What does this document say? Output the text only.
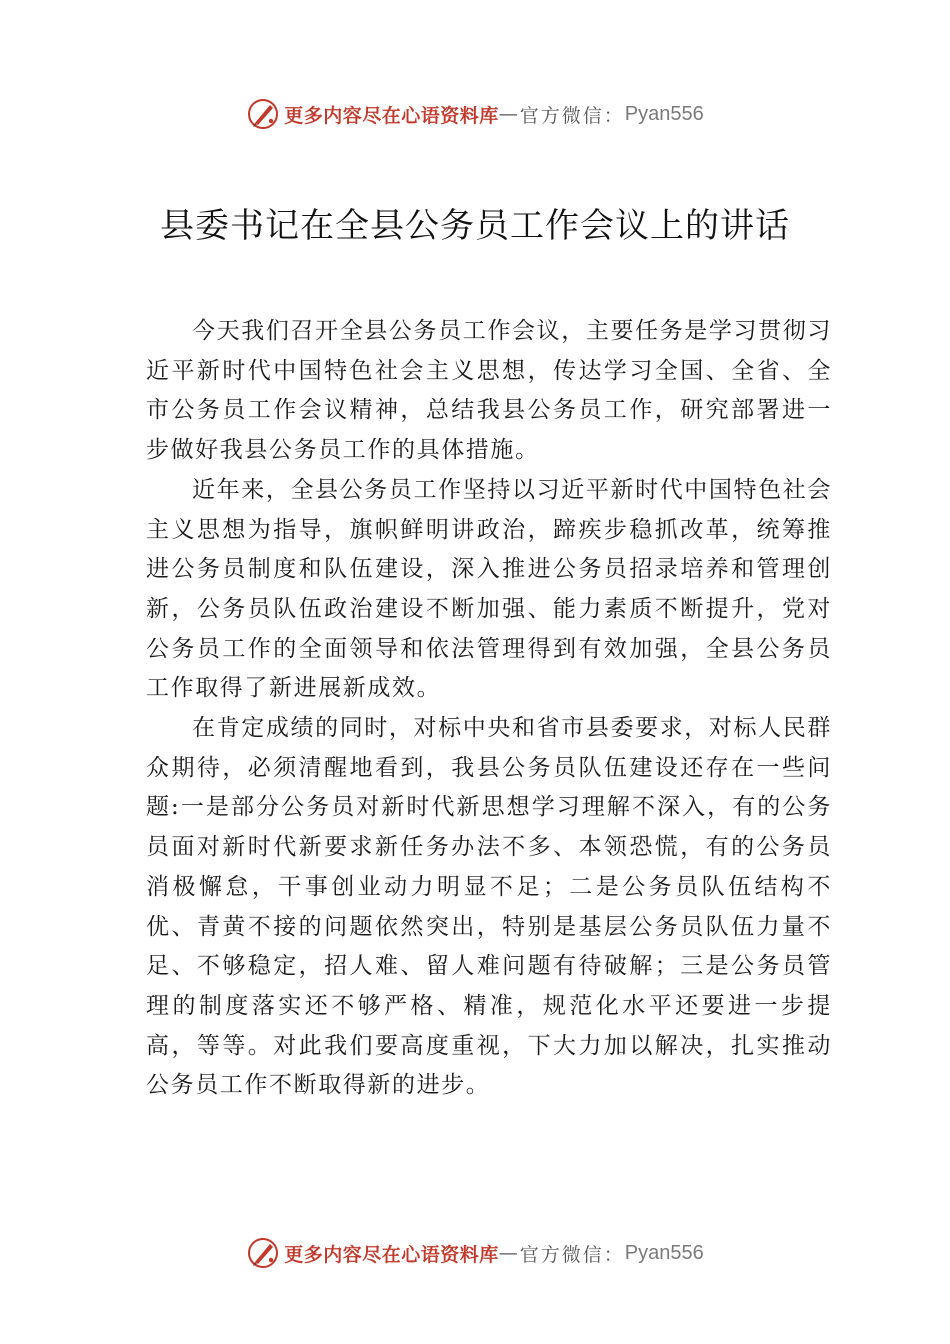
更多内容尽在心语资料库 — 官方微信： Pyan556
县委书记在全县公务员工作会议上的讲话

今天我们召开全县公务员工作会议，主要任务是学习贯彻习近平新时代中国特色社会主义思想，传达学习全国、全省、全市公务员工作会议精神，总结我县公务员工作，研究部署进一步做好我县公务员工作的具体措施。

近年来，全县公务员工作坚持以习近平新时代中国特色社会主义思想为指导，旗帜鲜明讲政治，蹄疾步稳抓改革，统筹推进公务员制度和队伍建设，深入推进公务员招录培养和管理创新，公务员队伍政治建设不断加强、能力素质不断提升，党对公务员工作的全面领导和依法管理得到有效加强，全县公务员工作取得了新进展新成效。

在肯定成绩的同时，对标中央和省市县委要求，对标人民群众期待，必须清醒地看到，我县公务员队伍建设还存在一些问题:一是部分公务员对新时代新思想学习理解不深入，有的公务员面对新时代新要求新任务办法不多、本领恐慌，有的公务员消极懈怠，干事创业动力明显不足；二是公务员队伍结构不优、青黄不接的问题依然突出，特别是基层公务员队伍力量不足、不够稳定，招人难、留人难问题有待破解；三是公务员管理的制度落实还不够严格、精准，规范化水平还要进一步提高，等等。对此我们要高度重视，下大力加以解决，扎实推动公务员工作不断取得新的进步。

更多内容尽在心语资料库 — 官方微信： Pyan556
